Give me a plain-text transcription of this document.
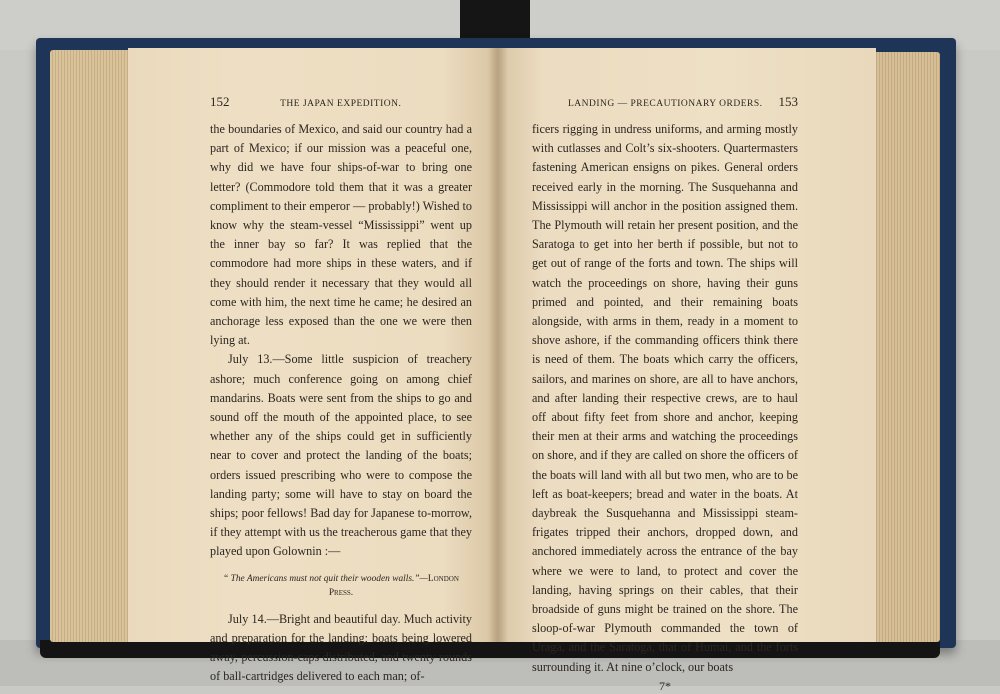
152	THE JAPAN EXPEDITION.

the boundaries of Mexico, and said our country had a part of Mexico; if our mission was a peaceful one, why did we have four ships-of-war to bring one letter? (Commodore told them that it was a greater compliment to their emperor — probably!) Wished to know why the steam-vessel “Mississippi” went up the inner bay so far? It was replied that the commodore had more ships in these waters, and if they should render it necessary that they would all come with him, the next time he came; he desired an anchorage less exposed than the one we were then lying at.

July 13.—Some little suspicion of treachery ashore; much conference going on among chief mandarins. Boats were sent from the ships to go and sound off the mouth of the appointed place, to see whether any of the ships could get in sufficiently near to cover and protect the landing of the boats; orders issued prescribing who were to compose the landing party; some will have to stay on board the ships; poor fellows! Bad day for Japanese to-morrow, if they attempt with us the treacherous game that they played upon Golownin :—

“ The Americans must not quit their wooden walls.”—London Press.

July 14.—Bright and beautiful day. Much activity and preparation for the landing; boats being lowered away, percussion-caps distributed, and twenty rounds of ball-cartridges delivered to each man; of-

LANDING — PRECAUTIONARY ORDERS. 153

ficers rigging in undress uniforms, and arming mostly with cutlasses and Colt’s six-shooters. Quartermasters fastening American ensigns on pikes. General orders received early in the morning. The Susquehanna and Mississippi will anchor in the position assigned them. The Plymouth will retain her present position, and the Saratoga to get into her berth if possible, but not to get out of range of the forts and town. The ships will watch the proceedings on shore, having their guns primed and pointed, and their remaining boats alongside, with arms in them, ready in a moment to shove ashore, if the commanding officers think there is need of them. The boats which carry the officers, sailors, and marines on shore, are all to have anchors, and after landing their respective crews, are to haul off about fifty feet from shore and anchor, keeping their men at their arms and watching the proceedings on shore, and if they are called on shore the officers of the boats will land with all but two men, who are to be left as boat-keepers; bread and water in the boats. At daybreak the Susquehanna and Mississippi steam-frigates tripped their anchors, dropped down, and anchored immediately across the entrance of the bay where we were to land, to protect and cover the landing, having springs on their cables, that their broadside of guns might be trained on the shore. The sloop-of-war Plymouth commanded the town of Uraga, and the Saratoga, that of Humai, and the forts surrounding it. At nine o’clock, our boats

7*
